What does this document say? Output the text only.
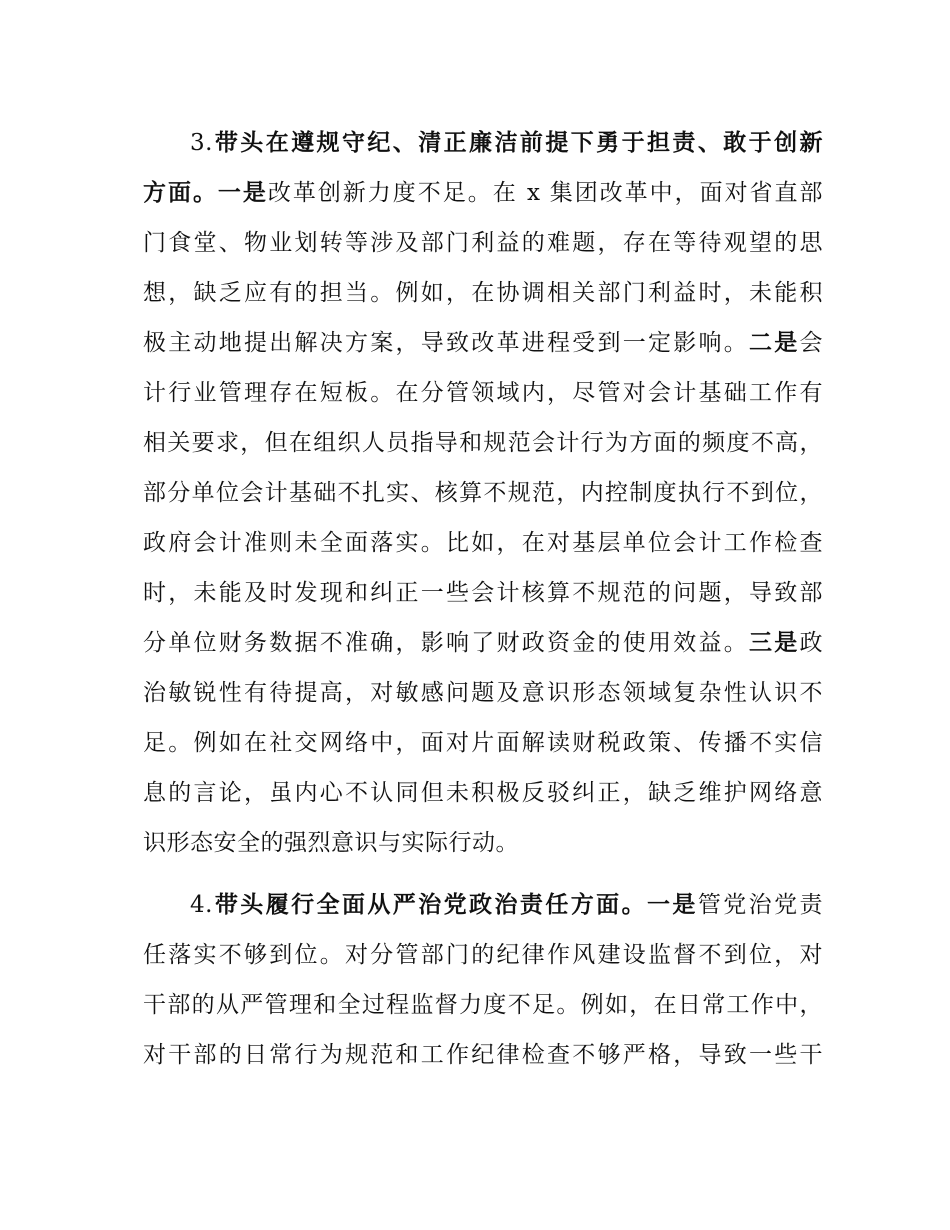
3.带头在遵规守纪、清正廉洁前提下勇于担责、敢于创新
方面。一是改革创新力度不足。在 x 集团改革中，面对省直部
门食堂、物业划转等涉及部门利益的难题，存在等待观望的思
想，缺乏应有的担当。例如，在协调相关部门利益时，未能积
极主动地提出解决方案，导致改革进程受到一定影响。二是会
计行业管理存在短板。在分管领域内，尽管对会计基础工作有
相关要求，但在组织人员指导和规范会计行为方面的频度不高，
部分单位会计基础不扎实、核算不规范，内控制度执行不到位，
政府会计准则未全面落实。比如，在对基层单位会计工作检查
时，未能及时发现和纠正一些会计核算不规范的问题，导致部
分单位财务数据不准确，影响了财政资金的使用效益。三是政
治敏锐性有待提高，对敏感问题及意识形态领域复杂性认识不
足。例如在社交网络中，面对片面解读财税政策、传播不实信
息的言论，虽内心不认同但未积极反驳纠正，缺乏维护网络意
识形态安全的强烈意识与实际行动。
4.带头履行全面从严治党政治责任方面。一是管党治党责
任落实不够到位。对分管部门的纪律作风建设监督不到位，对
干部的从严管理和全过程监督力度不足。例如，在日常工作中，
对干部的日常行为规范和工作纪律检查不够严格，导致一些干
